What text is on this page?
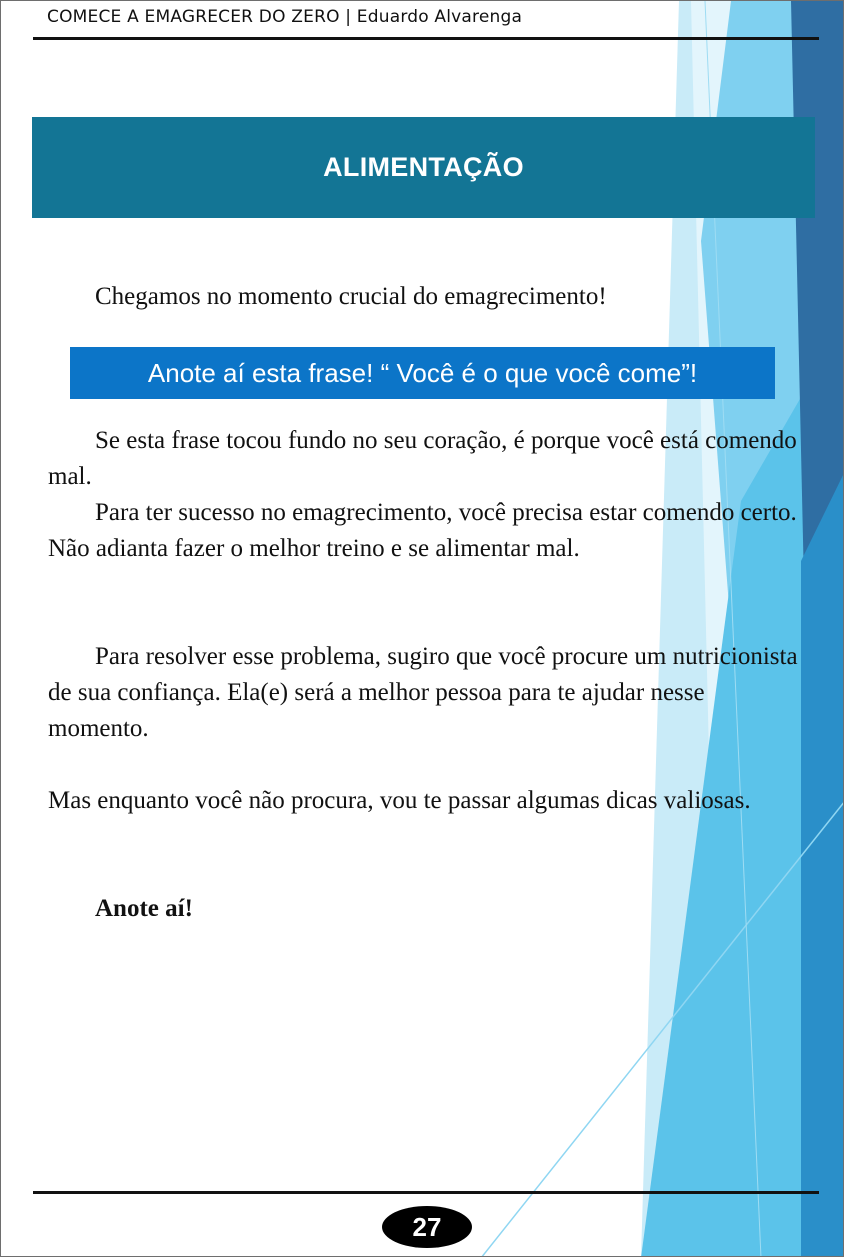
COMECE A EMAGRECER DO ZERO | Eduardo Alvarenga
ALIMENTAÇÃO

Chegamos no momento crucial do emagrecimento!

Anote aí esta frase! “ Você é o que você come”!

Se esta frase tocou fundo no seu coração, é porque você está comendo mal.

Para ter sucesso no emagrecimento, você precisa estar comendo certo. Não adianta fazer o melhor treino e se alimentar mal.

Para resolver esse problema, sugiro que você procure um nutricionista de sua confiança. Ela(e) será a melhor pessoa para te ajudar nesse momento.

Mas enquanto você não procura, vou te passar algumas dicas valiosas.

Anote aí!

27
